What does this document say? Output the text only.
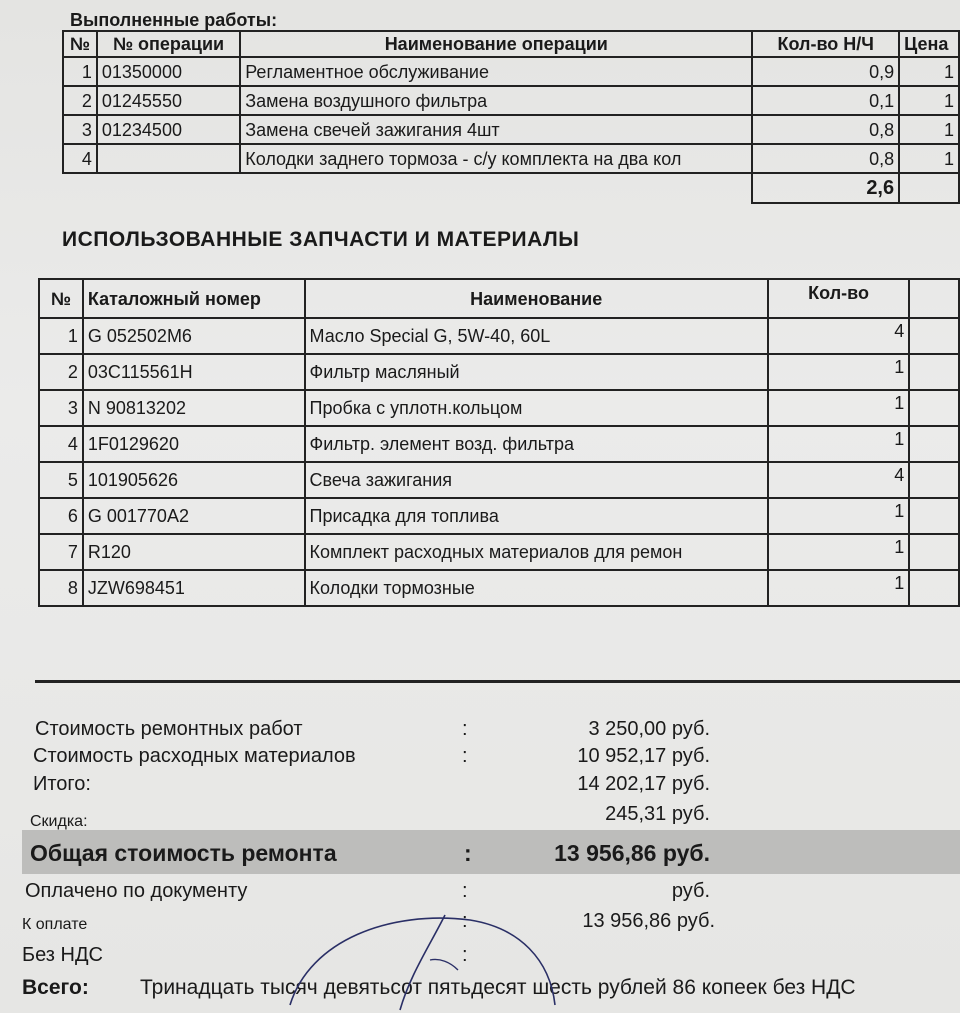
Выполненные работы:
№	№ операции	Наименование операции	Кол-во Н/Ч	Цена
1	01350000	Регламентное обслуживание	0,9	1
2	01245550	Замена воздушного фильтра	0,1	1
3	01234500	Замена свечей зажигания 4шт	0,8	1
4		Колодки заднего тормоза - с/у комплекта на два кол	0,8	1
			2,6	
ИСПОЛЬЗОВАННЫЕ ЗАПЧАСТИ И МАТЕРИАЛЫ
№	Каталожный номер	Наименование	Кол-во	
1	G 052502M6	Масло Special G, 5W-40, 60L	4	
2	03C115561H	Фильтр масляный	1	
3	N 90813202	Пробка с уплотн.кольцом	1	
4	1F0129620	Фильтр. элемент возд. фильтра	1	
5	101905626	Свеча зажигания	4	
6	G 001770A2	Присадка для топлива	1	
7	R120	Комплект расходных материалов для ремон	1	
8	JZW698451	Колодки тормозные	1	
Стоимость ремонтных работ	:	3 250,00 руб.
Стоимость расходных материалов	:	10 952,17 руб.
Итого:	14 202,17 руб.
Скидка:	245,31 руб.
Общая стоимость ремонта	:	13 956,86 руб.
Оплачено по документу	:	руб.
К оплате	:	13 956,86 руб.
Без НДС	:
Всего: Тринадцать тысяч девятьсот пятьдесят шесть рублей 86 копеек без НДС
